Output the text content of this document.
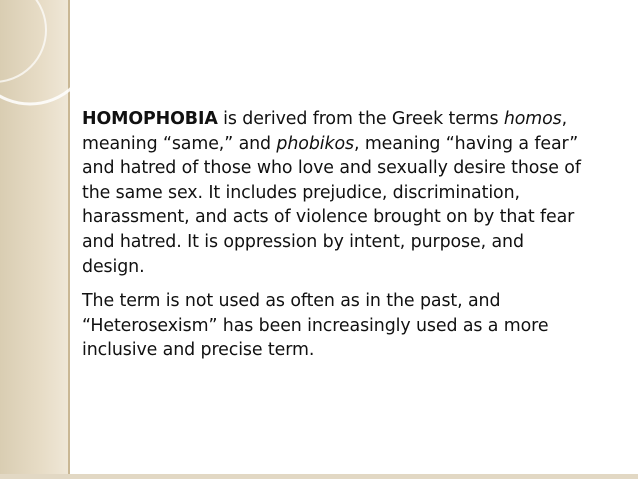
HOMOPHOBIA is derived from the Greek terms homos, meaning “same,” and phobikos, meaning “having a fear” and hatred of those who love and sexually desire those of the same sex. It includes prejudice, discrimination, harassment, and acts of violence brought on by that fear and hatred. It is oppression by intent, purpose, and design.

The term is not used as often as in the past, and “Heterosexism” has been increasingly used as a more inclusive and precise term.
